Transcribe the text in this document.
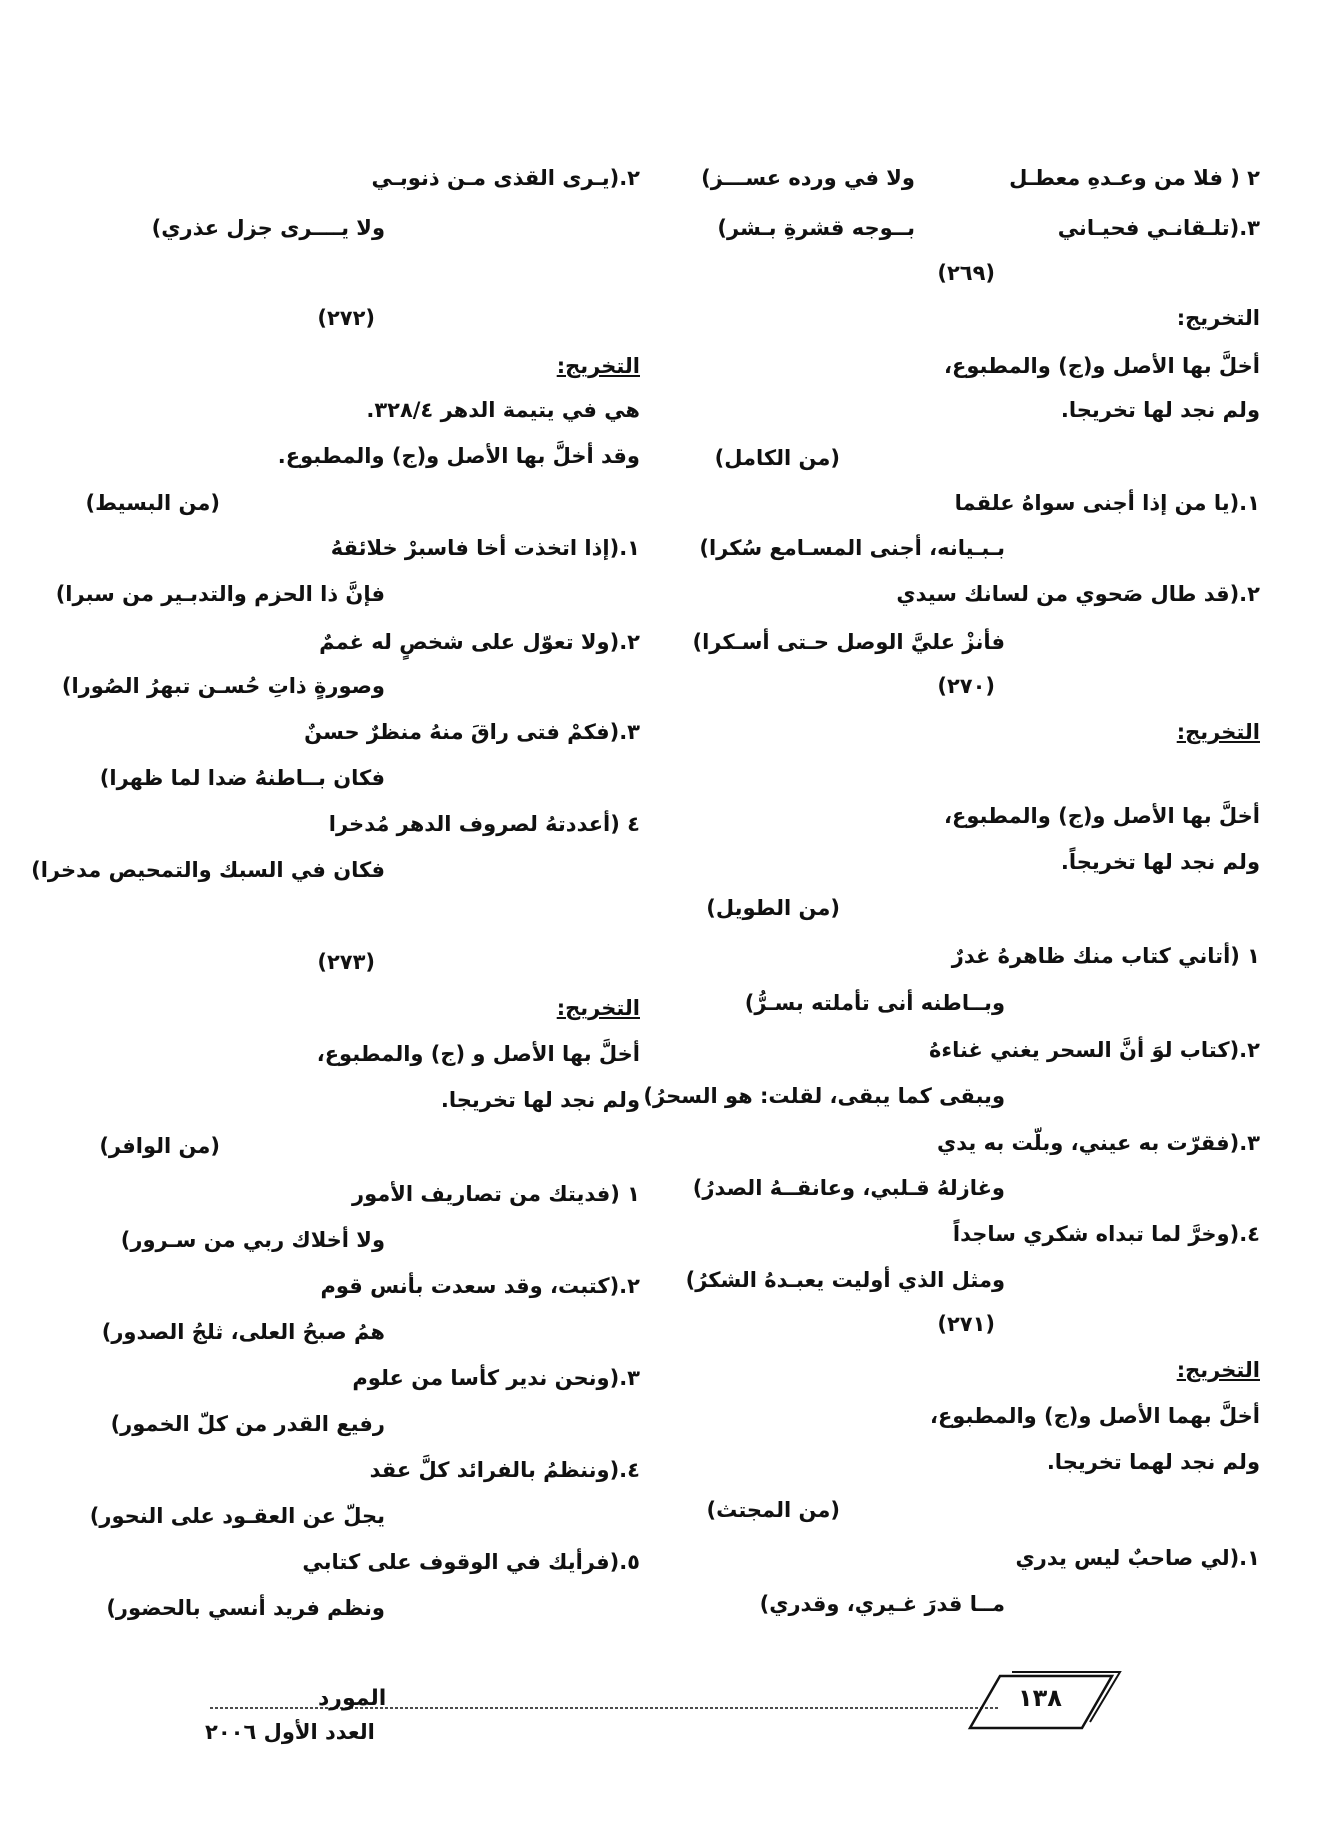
٢ ( فلا من وعـدهِ معطـل
ولا في ورده عســـز)
٣.(تلـقانـي فحيـاني
بــوجه قشرةِ بـشر)
(٢٦٩)
التخريج:
أخلَّ بها الأصل و(ج) والمطبوع،
ولم نجد لها تخريجا.
(من الكامل)
١.(يا من إذا أجنى سواهُ علقما
بـبـيانه، أجنى المسـامع سُكرا)
٢.(قد طال صَحوي من لسانك سيدي
فأنزْ عليَّ الوصل حـتى أسـكرا)
(٢٧٠)
التخريج:
أخلَّ بها الأصل و(ج) والمطبوع،
ولم نجد لها تخريجاً.
(من الطويل)
١ (أتاني كتاب منك ظاهرهُ غدرٌ
وبــاطنه أنى تأملته بسـرُّ)
٢.(كتاب لوَ أنَّ السحر يغني غناءهُ
ويبقى كما يبقى، لقلت: هو السحرُ)
٣.(فقرّت به عيني، وبلّت به يدي
وغازلهُ قـلبي، وعانقــهُ الصدرُ)
٤.(وخرَّ لما تبداه شكري ساجداً
ومثل الذي أوليت يعبـدهُ الشكرُ)
(٢٧١)
التخريج:
أخلَّ بهما الأصل و(ج) والمطبوع،
ولم نجد لهما تخريجا.
(من المجتث)
١.(لي صاحبٌ ليس يدري
مــا قدرَ غـيري، وقدري)
٢.(يـرى القذى مـن ذنوبـي
ولا يــــرى جزل عذري)
(٢٧٢)
التخريج:
هي في يتيمة الدهر ٣٢٨/٤.
وقد أخلَّ بها الأصل و(ج) والمطبوع.
(من البسيط)
١.(إذا اتخذت أخا فاسبرْ خلائقهُ
فإنَّ ذا الحزم والتدبـير من سبرا)
٢.(ولا تعوّل على شخصٍ له غممٌ
وصورةٍ ذاتِ حُسـن تبهرُ الصُورا)
٣.(فكمْ فتى راقَ منهُ منظرٌ حسنٌ
فكان بــاطنهُ ضدا لما ظهرا)
٤ (أعددتهُ لصروف الدهر مُدخرا
فكان في السبك والتمحيص مدخرا)
(٢٧٣)
التخريج:
أخلَّ بها الأصل و (ج) والمطبوع،
ولم نجد لها تخريجا.
(من الوافر)
١ (فديتك من تصاريف الأمور
ولا أخلاك ربي من سـرور)
٢.(كتبت، وقد سعدت بأنس قوم
همُ صبحُ العلى، ثلجُ الصدور)
٣.(ونحن ندير كأسا من علوم
رفيع القدر من كلّ الخمور)
٤.(وننظمُ بالفرائد كلَّ عقد
يجلّ عن العقـود على النحور)
٥.(فرأيك في الوقوف على كتابي
ونظم فريد أنسي بالحضور)
١٣٨
المورد
العدد الأول ٢٠٠٦
